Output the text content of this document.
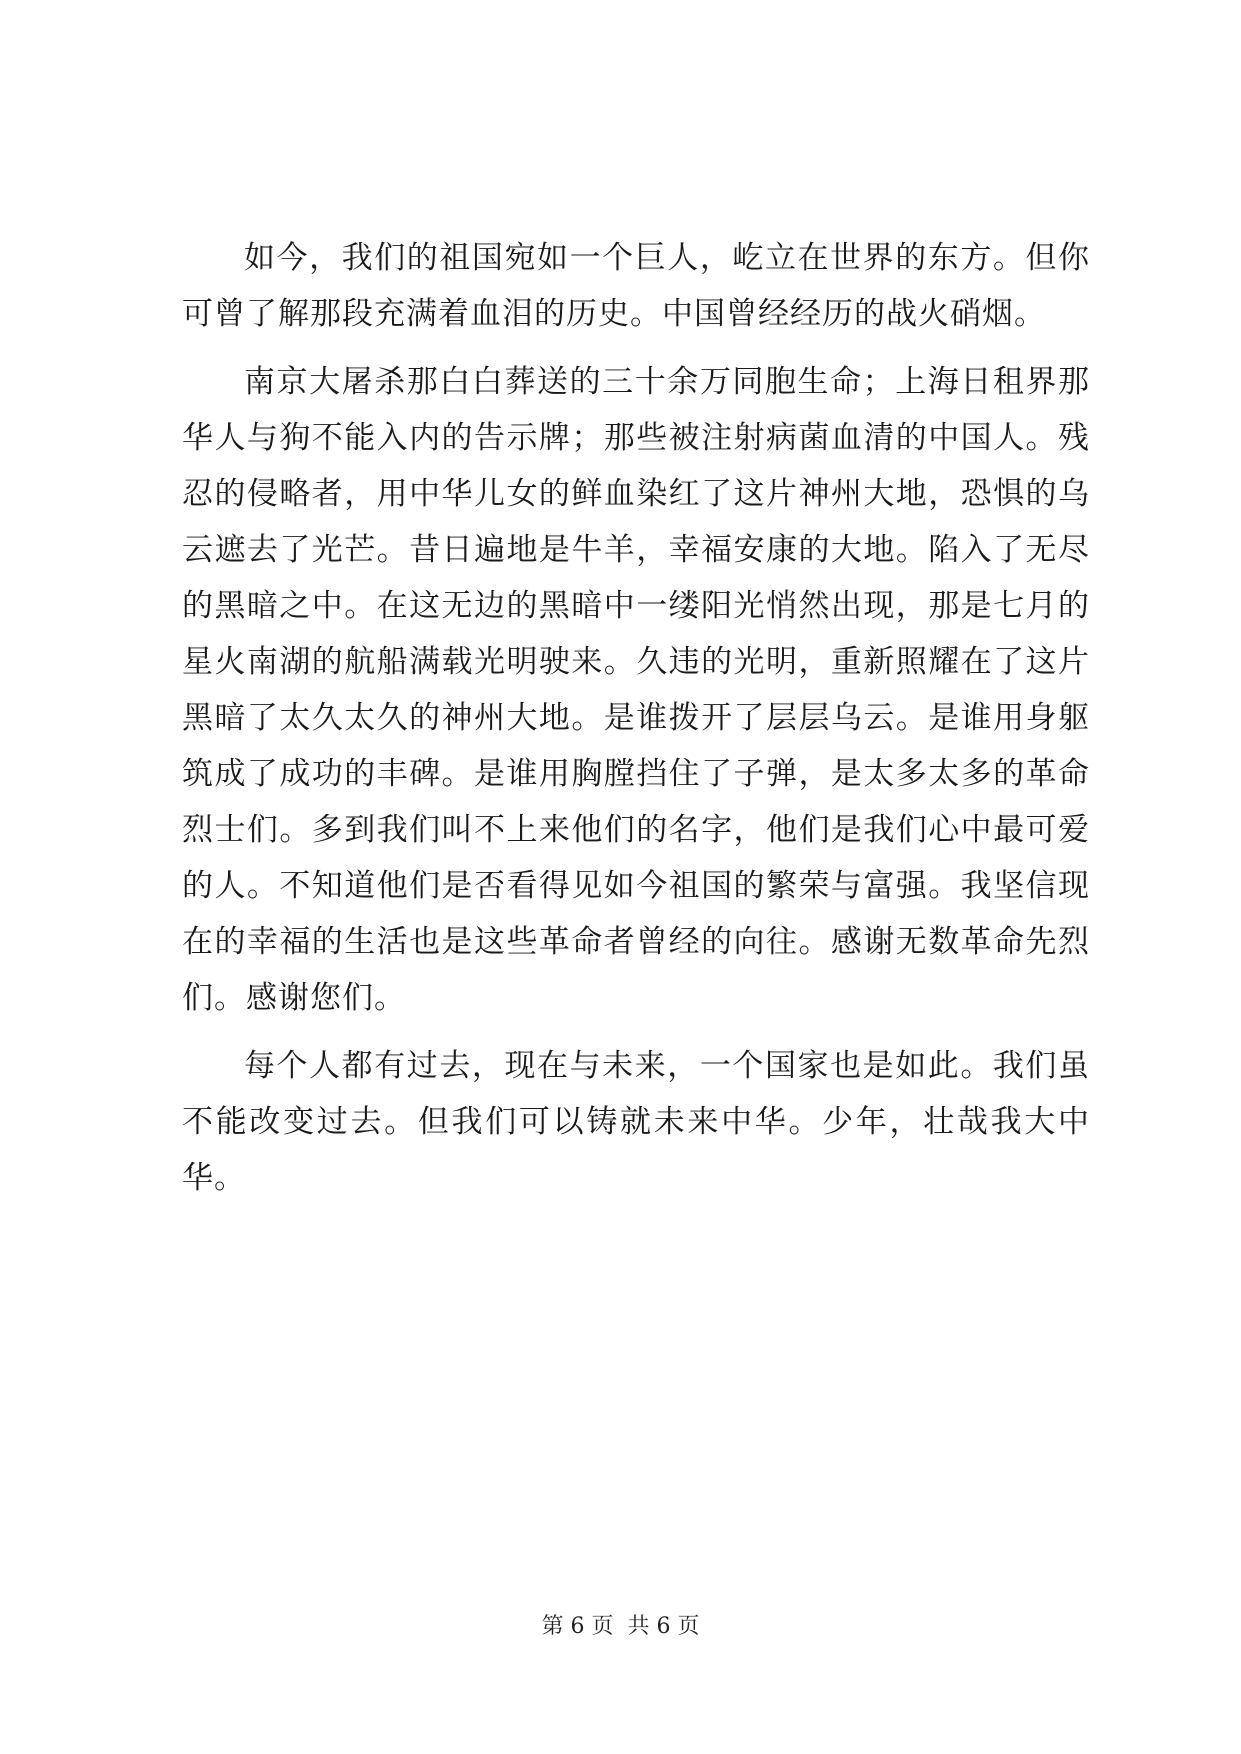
如今，我们的祖国宛如一个巨人，屹立在世界的东方。但你可曾了解那段充满着血泪的历史。中国曾经经历的战火硝烟。

南京大屠杀那白白葬送的三十余万同胞生命；上海日租界那华人与狗不能入内的告示牌；那些被注射病菌血清的中国人。残忍的侵略者，用中华儿女的鲜血染红了这片神州大地，恐惧的乌云遮去了光芒。昔日遍地是牛羊，幸福安康的大地。陷入了无尽的黑暗之中。在这无边的黑暗中一缕阳光悄然出现，那是七月的星火南湖的航船满载光明驶来。久违的光明，重新照耀在了这片黑暗了太久太久的神州大地。是谁拨开了层层乌云。是谁用身躯筑成了成功的丰碑。是谁用胸膛挡住了子弹，是太多太多的革命烈士们。多到我们叫不上来他们的名字，他们是我们心中最可爱的人。不知道他们是否看得见如今祖国的繁荣与富强。我坚信现在的幸福的生活也是这些革命者曾经的向往。感谢无数革命先烈们。感谢您们。

每个人都有过去，现在与未来，一个国家也是如此。我们虽不能改变过去。但我们可以铸就未来中华。少年，壮哉我大中华。

第 6 页 共 6 页
